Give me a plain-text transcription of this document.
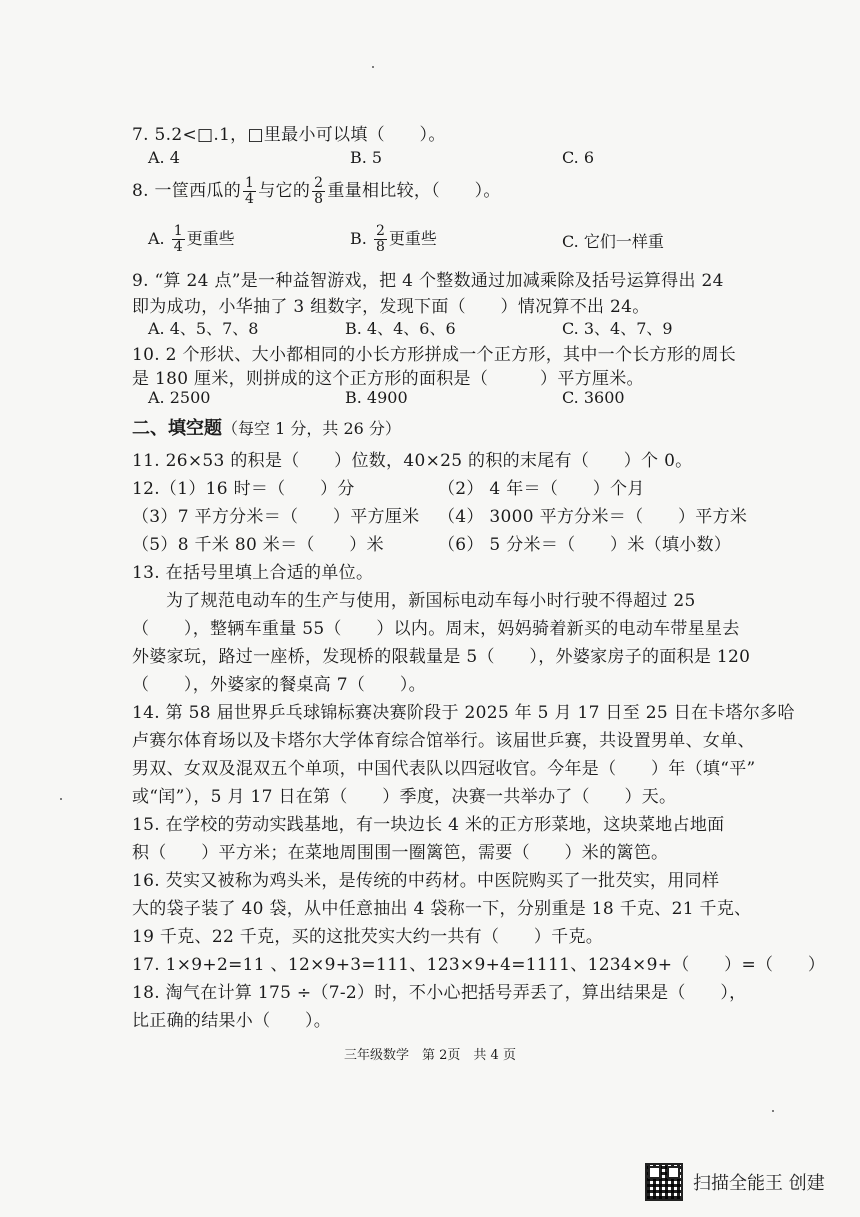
7. 5.2<□.1，□里最小可以填（　　）。
A. 4	B. 5	C. 6
8. 一筐西瓜的 $\frac{1}{4}$ 与它的 $\frac{2}{8}$ 重量相比较，（　　）。
A. $\frac{1}{4}$ 更重些	B. $\frac{2}{8}$ 更重些	C. 它们一样重
9. “算 24 点”是一种益智游戏，把 4 个整数通过加减乘除及括号运算得出 24
即为成功，小华抽了 3 组数字，发现下面（　　）情况算不出 24。
A. 4、5、7、8	B. 4、4、6、6	C. 3、4、7、9
10. 2 个形状、大小都相同的小长方形拼成一个正方形，其中一个长方形的周长
是 180 厘米，则拼成的这个正方形的面积是（　　　）平方厘米。
A. 2500	B. 4900	C. 3600
二、填空题（每空 1 分，共 26 分）
11. 26×53 的积是（　　）位数，40×25 的积的末尾有（　　）个 0。
12.（1）16 时＝（　　）分	（2） 4 年＝（　　）个月
（3）7 平方分米＝（　　）平方厘米 （4） 3000 平方分米＝（　　）平方米
（5）8 千米 80 米＝（　　）米	（6） 5 分米＝（　　）米（填小数）
13. 在括号里填上合适的单位。
为了规范电动车的生产与使用，新国标电动车每小时行驶不得超过 25
（　　），整辆车重量 55（　　）以内。周末，妈妈骑着新买的电动车带星星去
外婆家玩，路过一座桥，发现桥的限载量是 5（　　），外婆家房子的面积是 120
（　　），外婆家的餐桌高 7（　　）。
14. 第 58 届世界乒乓球锦标赛决赛阶段于 2025 年 5 月 17 日至 25 日在卡塔尔多哈
卢赛尔体育场以及卡塔尔大学体育综合馆举行。该届世乒赛，共设置男单、女单、
男双、女双及混双五个单项，中国代表队以四冠收官。今年是（　　）年（填“平”
或“闰”），5 月 17 日在第（　　）季度，决赛一共举办了（　　）天。
15. 在学校的劳动实践基地，有一块边长 4 米的正方形菜地，这块菜地占地面
积（　　）平方米；在菜地周围围一圈篱笆，需要（　　）米的篱笆。
16. 芡实又被称为鸡头米，是传统的中药材。中医院购买了一批芡实，用同样
大的袋子装了 40 袋，从中任意抽出 4 袋称一下，分别重是 18 千克、21 千克、
19 千克、22 千克，买的这批芡实大约一共有（　　）千克。
17. 1×9+2=11 、12×9+3=111、123×9+4=1111、1234×9+（　　）=（　　）
18. 淘气在计算 175 ÷（7-2）时，不小心把括号弄丢了，算出结果是（　　），
比正确的结果小（　　）。
三年级数学　第 2页　共 4 页
扫描全能王 创建
